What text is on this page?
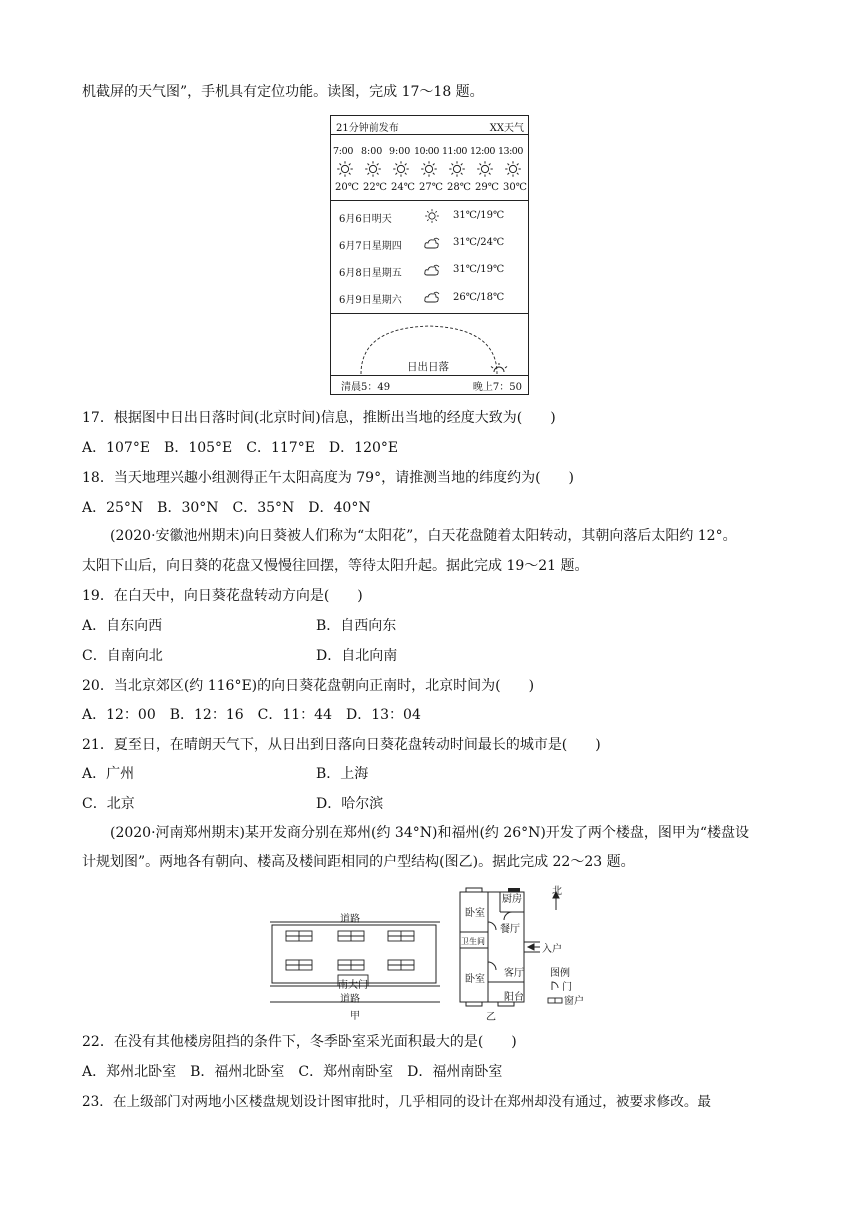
机截屏的天气图”，手机具有定位功能。读图，完成 17～18 题。
21分钟前发布	XX天气
7:00 8:00 9:00 10:00 11:00 12:00 13:00
20℃ 22℃ 24℃ 27℃ 28℃ 29℃ 30℃
6月6日明天	31℃/19℃
6月7日星期四	31℃/24℃
6月8日星期五	31℃/19℃
6月9日星期六	26℃/18℃
日出日落
清晨5：49	晚上7：50
17．根据图中日出日落时间(北京时间)信息，推断出当地的经度大致为(　　)
A．107°E　B．105°E　C．117°E　D．120°E
18．当天地理兴趣小组测得正午太阳高度为 79°，请推测当地的纬度约为(　　)
A．25°N　B．30°N　C．35°N　D．40°N
(2020·安徽池州期末)向日葵被人们称为“太阳花”，白天花盘随着太阳转动，其朝向落后太阳约 12°。
太阳下山后，向日葵的花盘又慢慢往回摆，等待太阳升起。据此完成 19～21 题。
19．在白天中，向日葵花盘转动方向是(　　)
A．自东向西	B．自西向东
C．自南向北	D．自北向南
20．当北京郊区(约 116°E)的向日葵花盘朝向正南时，北京时间为(　　)
A．12：00　B．12：16　C．11：44　D．13：04
21．夏至日，在晴朗天气下，从日出到日落向日葵花盘转动时间最长的城市是(　　)
A．广州	B．上海
C．北京	D．哈尔滨
(2020·河南郑州期末)某开发商分别在郑州(约 34°N)和福州(约 26°N)开发了两个楼盘，图甲为“楼盘设
计规划图”。两地各有朝向、楼高及楼间距相同的户型结构(图乙)。据此完成 22～23 题。
道路
南大门
道路
甲
厨房
卧室
餐厅
卫生间
入户
卧室
客厅
阳台
北
图例
门
窗户
乙
22．在没有其他楼房阻挡的条件下，冬季卧室采光面积最大的是(　　)
A．郑州北卧室　B．福州北卧室　C．郑州南卧室　D．福州南卧室
23．在上级部门对两地小区楼盘规划设计图审批时，几乎相同的设计在郑州却没有通过，被要求修改。最
